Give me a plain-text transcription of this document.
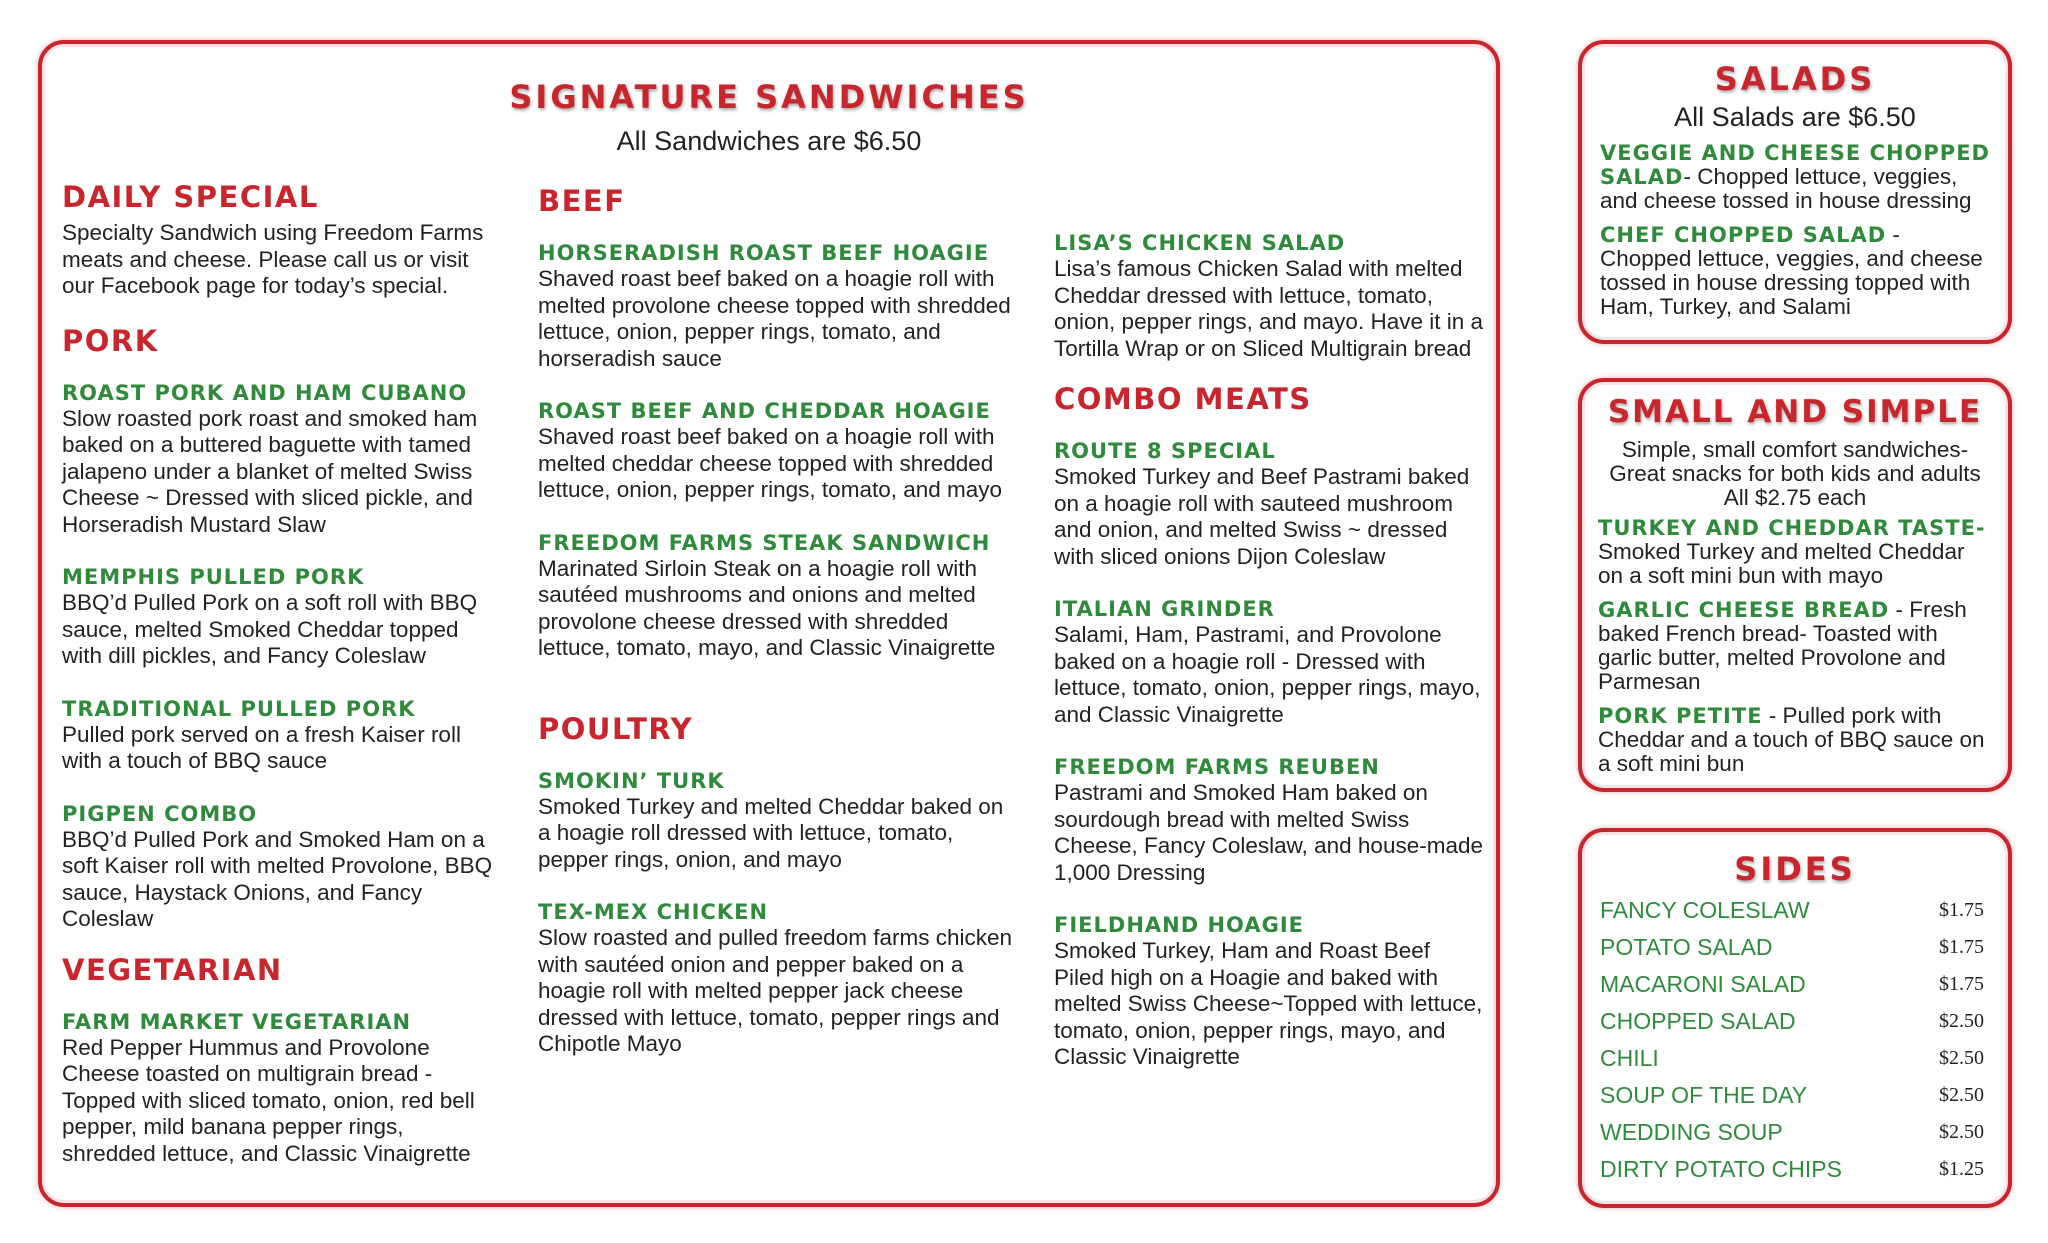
SIGNATURE SANDWICHES
All Sandwiches are $6.50
DAILY SPECIAL
Specialty Sandwich using Freedom Farms meats and cheese. Please call us or visit our Facebook page for today’s special.
PORK
ROAST PORK AND HAM CUBANO
Slow roasted pork roast and smoked ham baked on a buttered baguette with tamed jalapeno under a blanket of melted Swiss Cheese ~ Dressed with sliced pickle, and Horseradish Mustard Slaw
MEMPHIS PULLED PORK
BBQ’d Pulled Pork on a soft roll with BBQ sauce, melted Smoked Cheddar topped with dill pickles, and Fancy Coleslaw
TRADITIONAL PULLED PORK
Pulled pork served on a fresh Kaiser roll with a touch of BBQ sauce
PIGPEN COMBO
BBQ’d Pulled Pork and Smoked Ham on a soft Kaiser roll with melted Provolone, BBQ sauce, Haystack Onions, and Fancy Coleslaw
VEGETARIAN
FARM MARKET VEGETARIAN
Red Pepper Hummus and Provolone Cheese toasted on multigrain bread - Topped with sliced tomato, onion, red bell pepper, mild banana pepper rings, shredded lettuce, and Classic Vinaigrette
BEEF
HORSERADISH ROAST BEEF HOAGIE
Shaved roast beef baked on a hoagie roll with melted provolone cheese topped with shredded lettuce, onion, pepper rings, tomato, and horseradish sauce
ROAST BEEF AND CHEDDAR HOAGIE
Shaved roast beef baked on a hoagie roll with melted cheddar cheese topped with shredded lettuce, onion, pepper rings, tomato, and mayo
FREEDOM FARMS STEAK SANDWICH
Marinated Sirloin Steak on a hoagie roll with sautéed mushrooms and onions and melted provolone cheese dressed with shredded lettuce, tomato, mayo, and Classic Vinaigrette
POULTRY
SMOKIN’ TURK
Smoked Turkey and melted Cheddar baked on a hoagie roll dressed with lettuce, tomato, pepper rings, onion, and mayo
TEX-MEX CHICKEN
Slow roasted and pulled freedom farms chicken with sautéed onion and pepper baked on a hoagie roll with melted pepper jack cheese dressed with lettuce, tomato, pepper rings and Chipotle Mayo
LISA’S CHICKEN SALAD
Lisa’s famous Chicken Salad with melted Cheddar dressed with lettuce, tomato, onion, pepper rings, and mayo. Have it in a Tortilla Wrap or on Sliced Multigrain bread
COMBO MEATS
ROUTE 8 SPECIAL
Smoked Turkey and Beef Pastrami baked on a hoagie roll with sauteed mushroom and onion, and melted Swiss ~ dressed with sliced onions Dijon Coleslaw
ITALIAN GRINDER
Salami, Ham, Pastrami, and Provolone baked on a hoagie roll - Dressed with lettuce, tomato, onion, pepper rings, mayo, and Classic Vinaigrette
FREEDOM FARMS REUBEN
Pastrami and Smoked Ham baked on sourdough bread with melted Swiss Cheese, Fancy Coleslaw, and house-made 1,000 Dressing
FIELDHAND HOAGIE
Smoked Turkey, Ham and Roast Beef Piled high on a Hoagie and baked with melted Swiss Cheese~Topped with lettuce, tomato, onion, pepper rings, mayo, and Classic Vinaigrette
SALADS
All Salads are $6.50
VEGGIE AND CHEESE CHOPPED SALAD- Chopped lettuce, veggies, and cheese tossed in house dressing
CHEF CHOPPED SALAD - Chopped lettuce, veggies, and cheese tossed in house dressing topped with Ham, Turkey, and Salami
SMALL AND SIMPLE
Simple, small comfort sandwiches- Great snacks for both kids and adults All $2.75 each
TURKEY AND CHEDDAR TASTE- Smoked Turkey and melted Cheddar on a soft mini bun with mayo
GARLIC CHEESE BREAD - Fresh baked French bread- Toasted with garlic butter, melted Provolone and Parmesan
PORK PETITE - Pulled pork with Cheddar and a touch of BBQ sauce on a soft mini bun
SIDES
FANCY COLESLAW	$1.75
POTATO SALAD	$1.75
MACARONI SALAD	$1.75
CHOPPED SALAD	$2.50
CHILI	$2.50
SOUP OF THE DAY	$2.50
WEDDING SOUP	$2.50
DIRTY POTATO CHIPS	$1.25
